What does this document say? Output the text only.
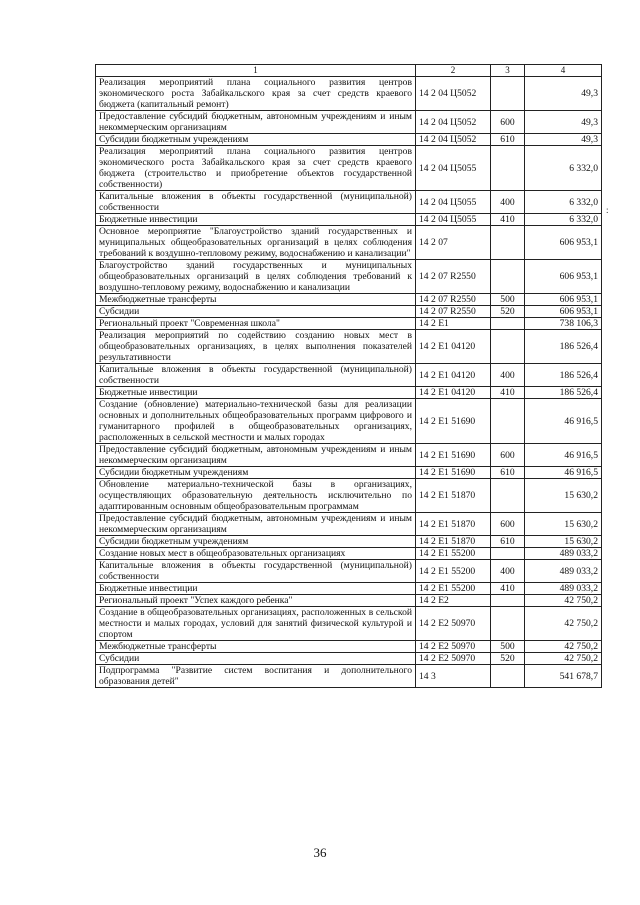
1	2	3	4
Реализация мероприятий плана социального развития центров экономического роста Забайкальского края за счет средств краевого бюджета (капитальный ремонт)	14 2 04 Ц5052		49,3
Предоставление субсидий бюджетным, автономным учреждениям и иным некоммерческим организациям	14 2 04 Ц5052	600	49,3
Субсидии бюджетным учреждениям	14 2 04 Ц5052	610	49,3
Реализация мероприятий плана социального развития центров экономического роста Забайкальского края за счет средств краевого бюджета (строительство и приобретение объектов государственной собственности)	14 2 04 Ц5055		6 332,0
Капитальные вложения в объекты государственной (муниципальной) собственности	14 2 04 Ц5055	400	6 332,0
Бюджетные инвестиции	14 2 04 Ц5055	410	6 332,0
Основное мероприятие "Благоустройство зданий государственных и муниципальных общеобразовательных организаций в целях соблюдения требований к воздушно-тепловому режиму, водоснабжению и канализации"	14 2 07		606 953,1
Благоустройство зданий государственных и муниципальных общеобразовательных организаций в целях соблюдения требований к воздушно-тепловому режиму, водоснабжению и канализации	14 2 07 R2550		606 953,1
Межбюджетные трансферты	14 2 07 R2550	500	606 953,1
Субсидии	14 2 07 R2550	520	606 953,1
Региональный проект "Современная школа"	14 2 E1		738 106,3
Реализация мероприятий по содействию созданию новых мест в общеобразовательных организациях, в целях выполнения показателей результативности	14 2 E1 04120		186 526,4
Капитальные вложения в объекты государственной (муниципальной) собственности	14 2 E1 04120	400	186 526,4
Бюджетные инвестиции	14 2 E1 04120	410	186 526,4
Создание (обновление) материально-технической базы для реализации основных и дополнительных общеобразовательных программ цифрового и гуманитарного профилей в общеобразовательных организациях, расположенных в сельской местности и малых городах	14 2 E1 51690		46 916,5
Предоставление субсидий бюджетным, автономным учреждениям и иным некоммерческим организациям	14 2 E1 51690	600	46 916,5
Субсидии бюджетным учреждениям	14 2 E1 51690	610	46 916,5
Обновление материально-технической базы в организациях, осуществляющих образовательную деятельность исключительно по адаптированным основным общеобразовательным программам	14 2 E1 51870		15 630,2
Предоставление субсидий бюджетным, автономным учреждениям и иным некоммерческим организациям	14 2 E1 51870	600	15 630,2
Субсидии бюджетным учреждениям	14 2 E1 51870	610	15 630,2
Создание новых мест в общеобразовательных организациях	14 2 E1 55200		489 033,2
Капитальные вложения в объекты государственной (муниципальной) собственности	14 2 E1 55200	400	489 033,2
Бюджетные инвестиции	14 2 E1 55200	410	489 033,2
Региональный проект "Успех каждого ребенка"	14 2 E2		42 750,2
Создание в общеобразовательных организациях, расположенных в сельской местности и малых городах, условий для занятий физической культурой и спортом	14 2 E2 50970		42 750,2
Межбюджетные трансферты	14 2 E2 50970	500	42 750,2
Субсидии	14 2 E2 50970	520	42 750,2
Подпрограмма "Развитие систем воспитания и дополнительного образования детей"	14 3		541 678,7
36
:
